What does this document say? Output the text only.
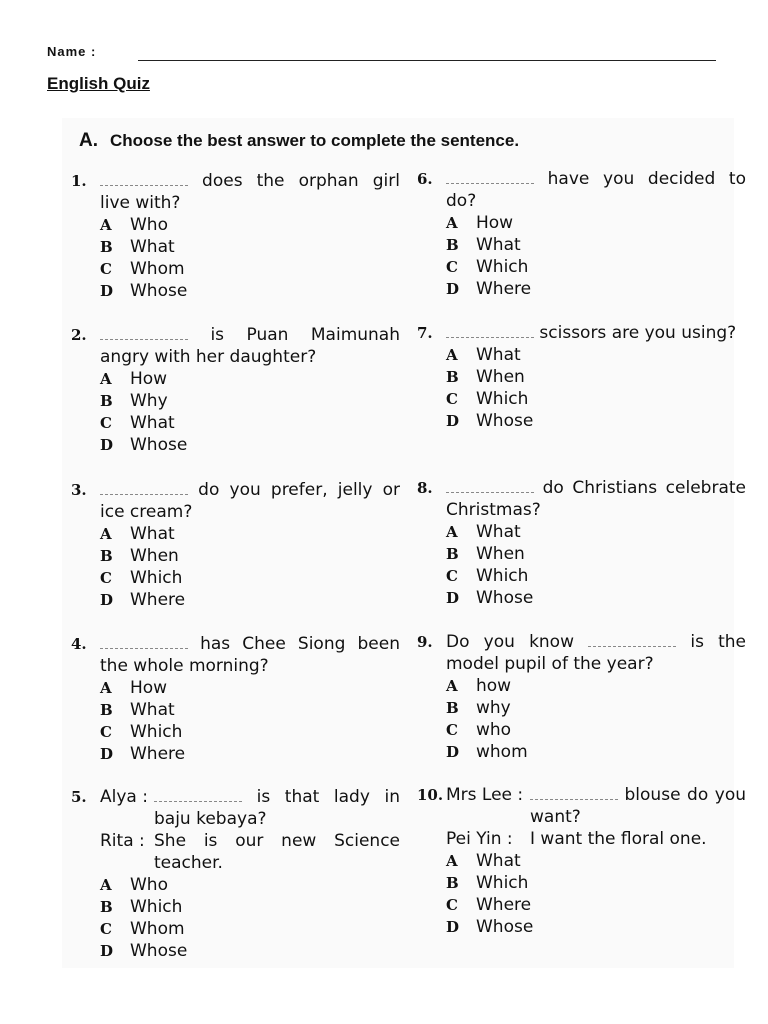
Name :
English Quiz
A. Choose the best answer to complete the sentence.
1.	does the orphan girl live with?
A	Who
B	What
C	Whom
D Whose
2.	is Puan Maimunah angry with her daughter?
A	How
B	Why
C	What
D Whose
3.	do you prefer, jelly or ice cream?
A	What
B	When
C	Which
D Where
4.	has Chee Siong been the whole morning?
A	How
B	What
C	Which
D Where
6.	have you decided to do?
A	How
B	What
C	Which
D Where
7.	scissors are you using?
A	What
B	When
C	Which
D Whose
8.	do Christians celebrate Christmas?
A	What
B	When
C	Which
D Whose
9. Do you know	is the model pupil of the year?
A	how
B	why
C	who
D whom
5. Alya :	is that lady in baju kebaya?
Rita : She is our new Science teacher.
A	Who
B	Which
C	Whom
D Whose
10. Mrs Lee :	blouse do you want?
Pei Yin :	I want the floral one.
A	What
B	Which
C	Where
D Whose
